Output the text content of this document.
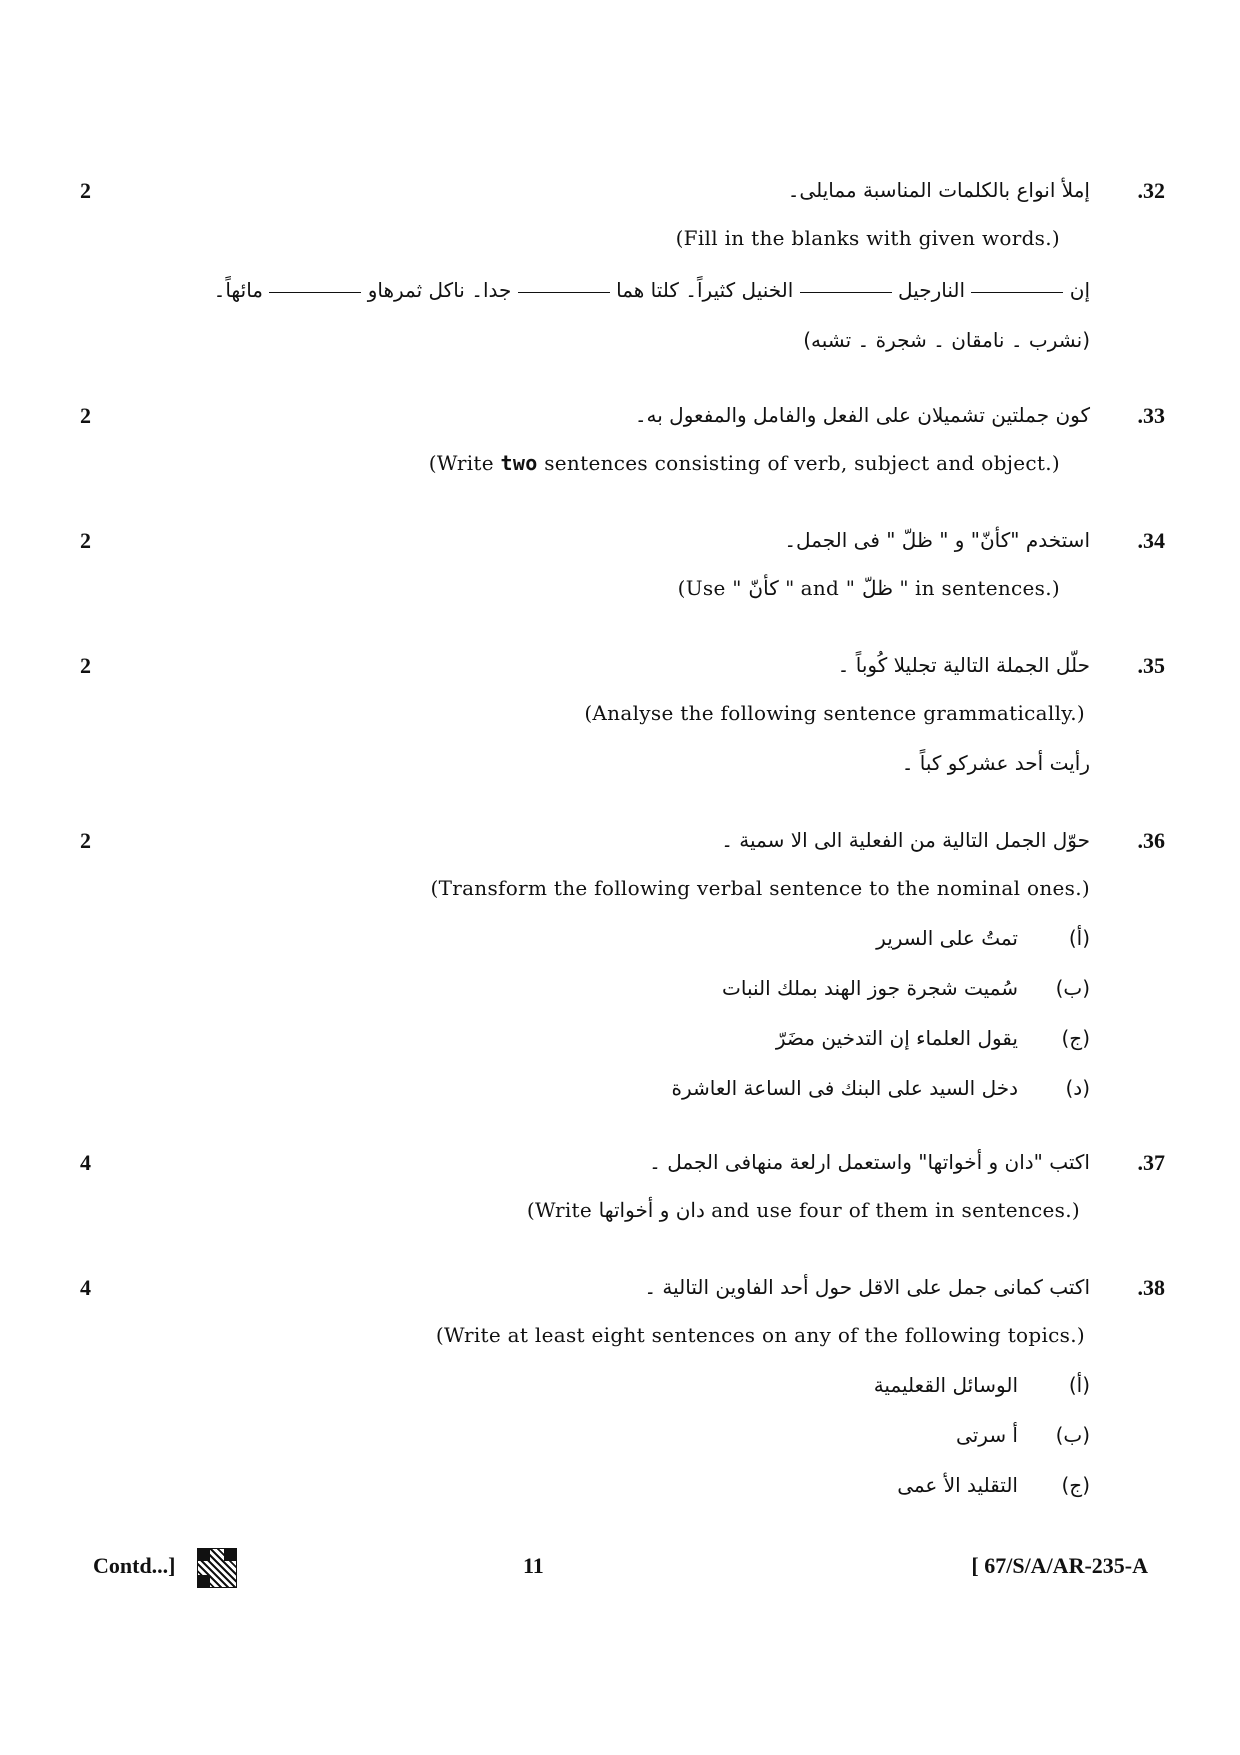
2	.32
إملأ انواع بالكلمات المناسبة ممايلى۔
(Fill in the blanks with given words.)
إن  النارجيل  الخنيل كثيراً۔ كلتا هما  جدا۔ ناكل ثمرهاو  مائهاً۔
(نشرب ۔ نامقان ۔ شجرة ۔ تشبه)
2	.33
كون جملتين تشميلان على الفعل والفامل والمفعول به۔
(Write two sentences consisting of verb, subject and object.)
2	.34
استخدم "كأنّ" و " ظلّ " فى الجمل۔
(Use " كأنّ " and " ظلّ " in sentences.)
2	.35
حلّل الجملة التالية تجليلا كُوباً ۔
(Analyse the following sentence grammatically.)
رأيت أحد عشركو كباً ۔
2	.36
حوّل الجمل التالية من الفعلية الى الا سمية ۔
(Transform the following verbal sentence to the nominal ones.)
(أ)تمتُ على السرير
(ب)سُميت شجرة جوز الهند بملك النبات
(ج)يقول العلماء إن التدخين مضَرّ
(د)دخل السيد على البنك فى الساعة العاشرة
4	.37
اكتب "دان و أخواتها" واستعمل ارلعة منهافى الجمل ۔
(Write دان و أخواتها and use four of them in sentences.)
4	.38
اكتب كمانى جمل على الاقل حول أحد الفاوين التالية ۔
(Write at least eight sentences on any of the following topics.)
(أ)الوسائل القعليمية
(ب)أ سرتى
(ج)التقليد الأ عمى
Contd...]	11	[ 67/S/A/AR-235-A
